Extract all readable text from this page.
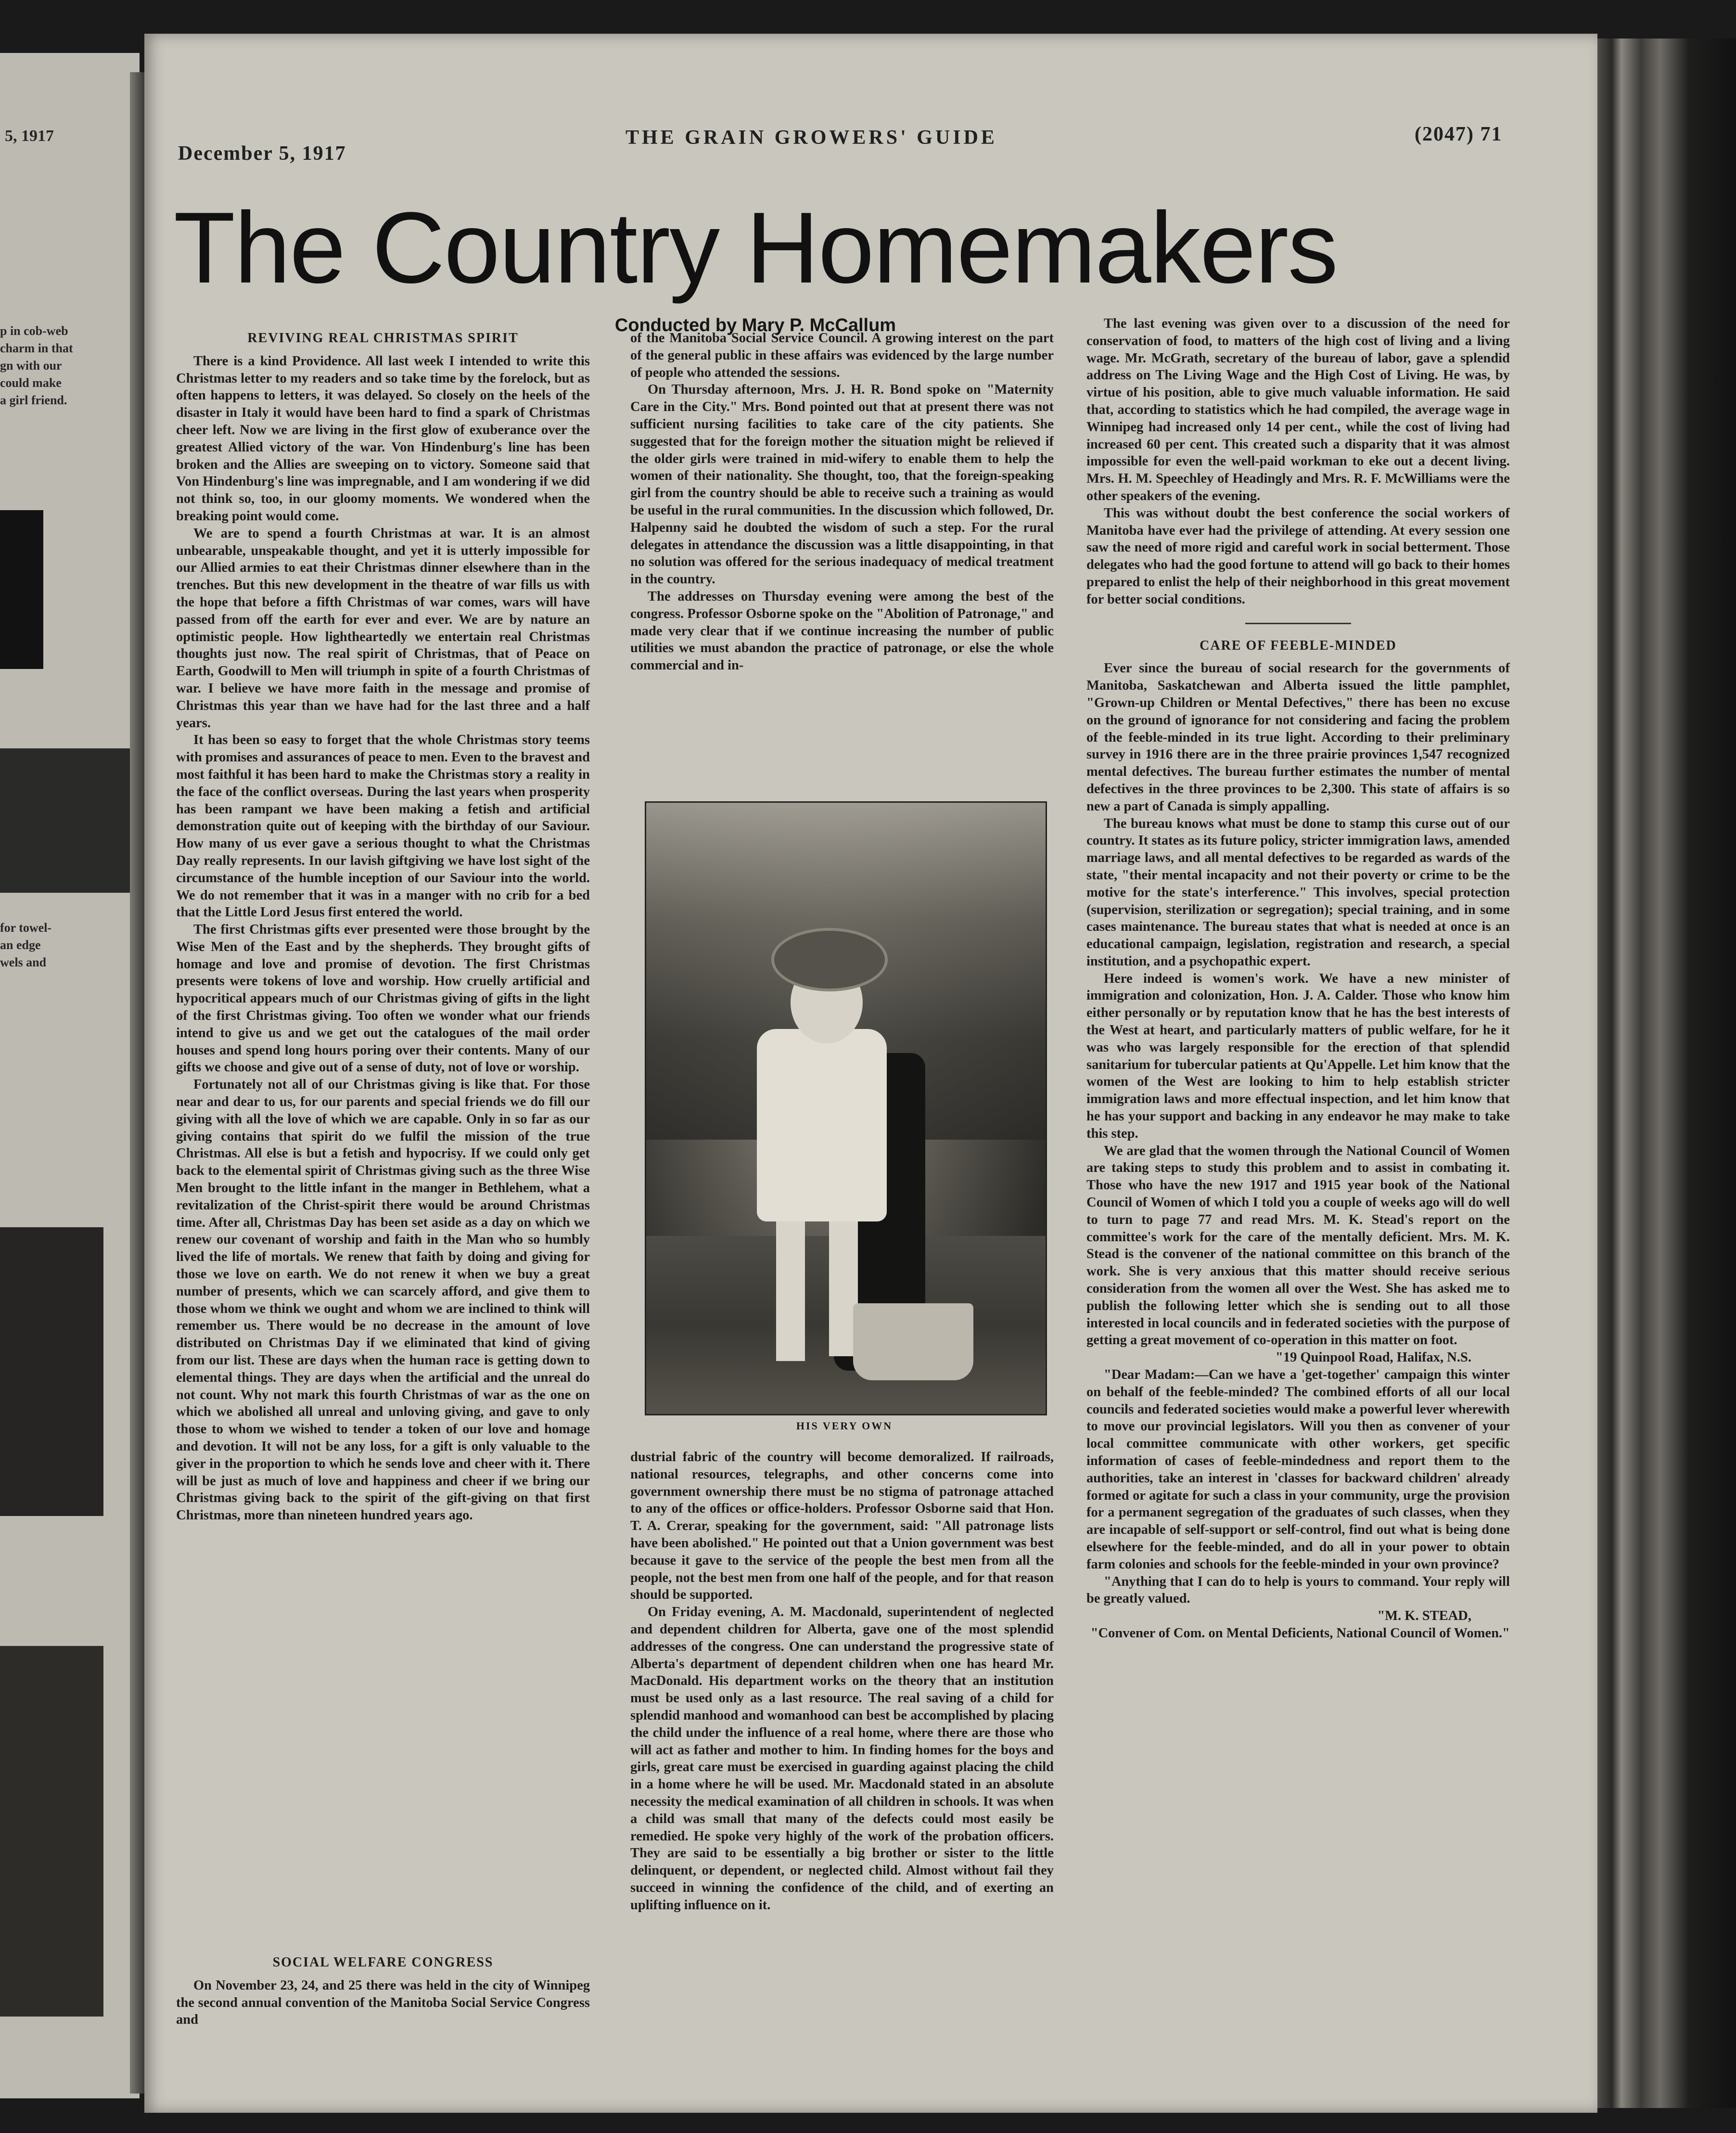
5, 1917
p in cob-web
charm in that
gn with our
could make
a girl friend.
for towel-
an edge
wels and
December 5, 1917
THE GRAIN GROWERS' GUIDE	(2047) 71
The Country Homemakers
Conducted by Mary P. McCallum
REVIVING REAL CHRISTMAS SPIRIT

There is a kind Providence. All last week I intended to write this Christmas letter to my readers and so take time by the forelock, but as often happens to letters, it was delayed. So closely on the heels of the disaster in Italy it would have been hard to find a spark of Christmas cheer left. Now we are living in the first glow of exuberance over the greatest Allied victory of the war. Von Hindenburg's line has been broken and the Allies are sweeping on to victory. Someone said that Von Hindenburg's line was impregnable, and I am wondering if we did not think so, too, in our gloomy moments. We wondered when the breaking point would come.

We are to spend a fourth Christmas at war. It is an almost unbearable, unspeakable thought, and yet it is utterly impossible for our Allied armies to eat their Christmas dinner elsewhere than in the trenches. But this new development in the theatre of war fills us with the hope that before a fifth Christmas of war comes, wars will have passed from off the earth for ever and ever. We are by nature an optimistic people. How lightheartedly we entertain real Christmas thoughts just now. The real spirit of Christmas, that of Peace on Earth, Goodwill to Men will triumph in spite of a fourth Christmas of war. I believe we have more faith in the message and promise of Christmas this year than we have had for the last three and a half years.

It has been so easy to forget that the whole Christmas story teems with promises and assurances of peace to men. Even to the bravest and most faithful it has been hard to make the Christmas story a reality in the face of the conflict overseas. During the last years when prosperity has been rampant we have been making a fetish and artificial demonstration quite out of keeping with the birthday of our Saviour. How many of us ever gave a serious thought to what the Christmas Day really represents. In our lavish giftgiving we have lost sight of the circumstance of the humble inception of our Saviour into the world. We do not remember that it was in a manger with no crib for a bed that the Little Lord Jesus first entered the world.

The first Christmas gifts ever presented were those brought by the Wise Men of the East and by the shepherds. They brought gifts of homage and love and promise of devotion. The first Christmas presents were tokens of love and worship. How cruelly artificial and hypocritical appears much of our Christmas giving of gifts in the light of the first Christmas giving. Too often we wonder what our friends intend to give us and we get out the catalogues of the mail order houses and spend long hours poring over their contents. Many of our gifts we choose and give out of a sense of duty, not of love or worship.

Fortunately not all of our Christmas giving is like that. For those near and dear to us, for our parents and special friends we do fill our giving with all the love of which we are capable. Only in so far as our giving contains that spirit do we fulfil the mission of the true Christmas. All else is but a fetish and hypocrisy. If we could only get back to the elemental spirit of Christmas giving such as the three Wise Men brought to the little infant in the manger in Bethlehem, what a revitalization of the Christ-spirit there would be around Christmas time. After all, Christmas Day has been set aside as a day on which we renew our covenant of worship and faith in the Man who so humbly lived the life of mortals. We renew that faith by doing and giving for those we love on earth. We do not renew it when we buy a great number of presents, which we can scarcely afford, and give them to those whom we think we ought and whom we are inclined to think will remember us. There would be no decrease in the amount of love distributed on Christmas Day if we eliminated that kind of giving from our list. These are days when the human race is getting down to elemental things. They are days when the artificial and the unreal do not count. Why not mark this fourth Christmas of war as the one on which we abolished all unreal and unloving giving, and gave to only those to whom we wished to tender a token of our love and homage and devotion. It will not be any loss, for a gift is only valuable to the giver in the proportion to which he sends love and cheer with it. There will be just as much of love and happiness and cheer if we bring our Christmas giving back to the spirit of the gift-giving on that first Christmas, more than nineteen hundred years ago.

SOCIAL WELFARE CONGRESS

On November 23, 24, and 25 there was held in the city of Winnipeg the second annual convention of the Manitoba Social Service Congress and

of the Manitoba Social Service Council. A growing interest on the part of the general public in these affairs was evidenced by the large number of people who attended the sessions.

On Thursday afternoon, Mrs. J. H. R. Bond spoke on "Maternity Care in the City." Mrs. Bond pointed out that at present there was not sufficient nursing facilities to take care of the city patients. She suggested that for the foreign mother the situation might be relieved if the older girls were trained in mid-wifery to enable them to help the women of their nationality. She thought, too, that the foreign-speaking girl from the country should be able to receive such a training as would be useful in the rural communities. In the discussion which followed, Dr. Halpenny said he doubted the wisdom of such a step. For the rural delegates in attendance the discussion was a little disappointing, in that no solution was offered for the serious inadequacy of medical treatment in the country.

The addresses on Thursday evening were among the best of the congress. Professor Osborne spoke on the "Abolition of Patronage," and made very clear that if we continue increasing the number of public utilities we must abandon the practice of patronage, or else the whole commercial and in-

HIS VERY OWN

dustrial fabric of the country will become demoralized. If railroads, national resources, telegraphs, and other concerns come into government ownership there must be no stigma of patronage attached to any of the offices or office-holders. Professor Osborne said that Hon. T. A. Crerar, speaking for the government, said: "All patronage lists have been abolished." He pointed out that a Union government was best because it gave to the service of the people the best men from all the people, not the best men from one half of the people, and for that reason should be supported.

On Friday evening, A. M. Macdonald, superintendent of neglected and dependent children for Alberta, gave one of the most splendid addresses of the congress. One can understand the progressive state of Alberta's department of dependent children when one has heard Mr. MacDonald. His department works on the theory that an institution must be used only as a last resource. The real saving of a child for splendid manhood and womanhood can best be accomplished by placing the child under the influence of a real home, where there are those who will act as father and mother to him. In finding homes for the boys and girls, great care must be exercised in guarding against placing the child in a home where he will be used. Mr. Macdonald stated in an absolute necessity the medical examination of all children in schools. It was when a child was small that many of the defects could most easily be remedied. He spoke very highly of the work of the probation officers. They are said to be essentially a big brother or sister to the little delinquent, or dependent, or neglected child. Almost without fail they succeed in winning the confidence of the child, and of exerting an uplifting influence on it.

The last evening was given over to a discussion of the need for conservation of food, to matters of the high cost of living and a living wage. Mr. McGrath, secretary of the bureau of labor, gave a splendid address on The Living Wage and the High Cost of Living. He was, by virtue of his position, able to give much valuable information. He said that, according to statistics which he had compiled, the average wage in Winnipeg had increased only 14 per cent., while the cost of living had increased 60 per cent. This created such a disparity that it was almost impossible for even the well-paid workman to eke out a decent living. Mrs. H. M. Speechley of Headingly and Mrs. R. F. McWilliams were the other speakers of the evening.

This was without doubt the best conference the social workers of Manitoba have ever had the privilege of attending. At every session one saw the need of more rigid and careful work in social betterment. Those delegates who had the good fortune to attend will go back to their homes prepared to enlist the help of their neighborhood in this great movement for better social conditions.

CARE OF FEEBLE-MINDED

Ever since the bureau of social research for the governments of Manitoba, Saskatchewan and Alberta issued the little pamphlet, "Grown-up Children or Mental Defectives," there has been no excuse on the ground of ignorance for not considering and facing the problem of the feeble-minded in its true light. According to their preliminary survey in 1916 there are in the three prairie provinces 1,547 recognized mental defectives. The bureau further estimates the number of mental defectives in the three provinces to be 2,300. This state of affairs is so new a part of Canada is simply appalling.

The bureau knows what must be done to stamp this curse out of our country. It states as its future policy, stricter immigration laws, amended marriage laws, and all mental defectives to be regarded as wards of the state, "their mental incapacity and not their poverty or crime to be the motive for the state's interference." This involves, special protection (supervision, sterilization or segregation); special training, and in some cases maintenance. The bureau states that what is needed at once is an educational campaign, legislation, registration and research, a special institution, and a psychopathic expert.

Here indeed is women's work. We have a new minister of immigration and colonization, Hon. J. A. Calder. Those who know him either personally or by reputation know that he has the best interests of the West at heart, and particularly matters of public welfare, for he it was who was largely responsible for the erection of that splendid sanitarium for tubercular patients at Qu'Appelle. Let him know that the women of the West are looking to him to help establish stricter immigration laws and more effectual inspection, and let him know that he has your support and backing in any endeavor he may make to take this step.

We are glad that the women through the National Council of Women are taking steps to study this problem and to assist in combating it. Those who have the new 1917 and 1915 year book of the National Council of Women of which I told you a couple of weeks ago will do well to turn to page 77 and read Mrs. M. K. Stead's report on the committee's work for the care of the mentally deficient. Mrs. M. K. Stead is the convener of the national committee on this branch of the work. She is very anxious that this matter should receive serious consideration from the women all over the West. She has asked me to publish the following letter which she is sending out to all those interested in local councils and in federated societies with the purpose of getting a great movement of co-operation in this matter on foot.

"19 Quinpool Road, Halifax, N.S.

"Dear Madam:—Can we have a 'get-together' campaign this winter on behalf of the feeble-minded? The combined efforts of all our local councils and federated societies would make a powerful lever wherewith to move our provincial legislators. Will you then as convener of your local committee communicate with other workers, get specific information of cases of feeble-mindedness and report them to the authorities, take an interest in 'classes for backward children' already formed or agitate for such a class in your community, urge the provision for a permanent segregation of the graduates of such classes, when they are incapable of self-support or self-control, find out what is being done elsewhere for the feeble-minded, and do all in your power to obtain farm colonies and schools for the feeble-minded in your own province?

"Anything that I can do to help is yours to command. Your reply will be greatly valued.

"M. K. STEAD,

"Convener of Com. on Mental Deficients, National Council of Women."
